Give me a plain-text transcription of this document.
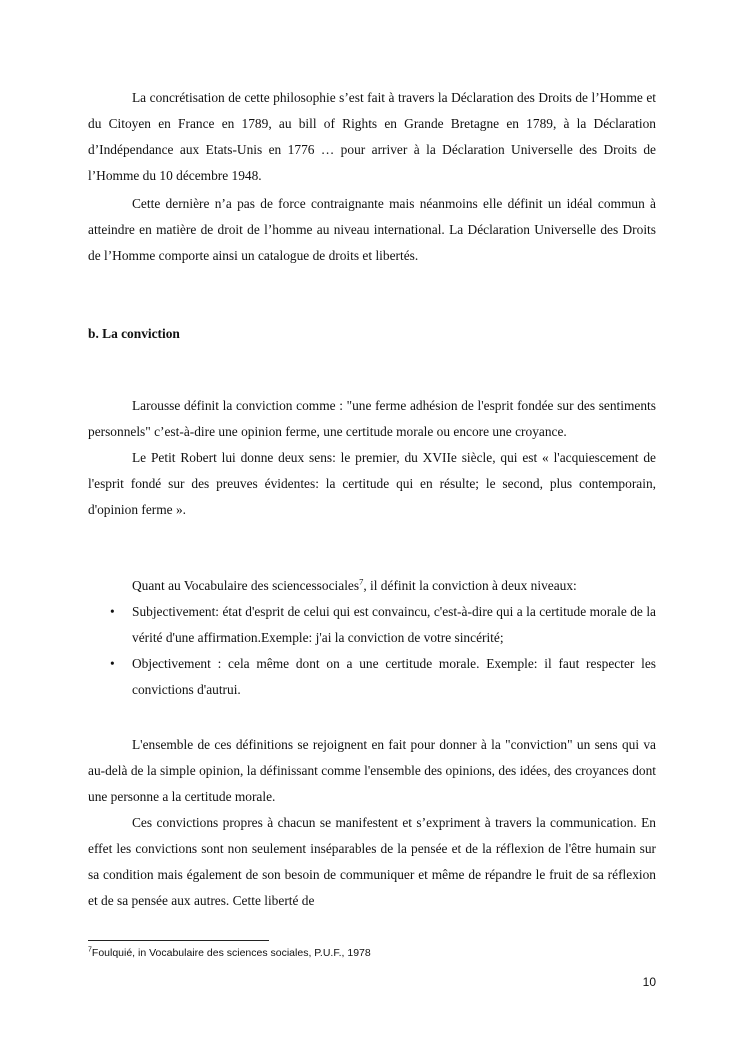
La concrétisation de cette philosophie s’est fait à travers la Déclaration des Droits de l’Homme et du Citoyen en France en 1789, au bill of Rights en Grande Bretagne en 1789, à la Déclaration d’Indépendance aux Etats-Unis en 1776 … pour arriver à la Déclaration Universelle des Droits de l’Homme du 10 décembre 1948.

Cette dernière n’a pas de force contraignante mais néanmoins elle définit un idéal commun à atteindre en matière de droit de l’homme au niveau international. La Déclaration Universelle des Droits de l’Homme comporte ainsi un catalogue de droits et libertés.

b. La conviction

Larousse définit la conviction comme : "une ferme adhésion de l'esprit fondée sur des sentiments personnels" c’est-à-dire une opinion ferme, une certitude morale ou encore une croyance.

Le Petit Robert lui donne deux sens: le premier, du XVIIe siècle, qui est « l'acquiescement de l'esprit fondé sur des preuves évidentes: la certitude qui en résulte; le second, plus contemporain, d'opinion ferme ».

Quant au Vocabulaire des sciencessociales$^7$, il définit la conviction à deux niveaux:

• Subjectivement: état d'esprit de celui qui est convaincu, c'est-à-dire qui a la certitude morale de la vérité d'une affirmation.Exemple: j'ai la conviction de votre sincérité;
• Objectivement : cela même dont on a une certitude morale. Exemple: il faut respecter les convictions d'autrui.

L'ensemble de ces définitions se rejoignent en fait pour donner à la "conviction" un sens qui va au-delà de la simple opinion, la définissant comme l'ensemble des opinions, des idées, des croyances dont une personne a la certitude morale.

Ces convictions propres à chacun se manifestent et s’expriment à travers la communication. En effet les convictions sont non seulement inséparables de la pensée et de la réflexion de l'être humain sur sa condition mais également de son besoin de communiquer et même de répandre le fruit de sa réflexion et de sa pensée aux autres. Cette liberté de

$^7$Foulquié, in Vocabulaire des sciences sociales, P.U.F., 1978
10
